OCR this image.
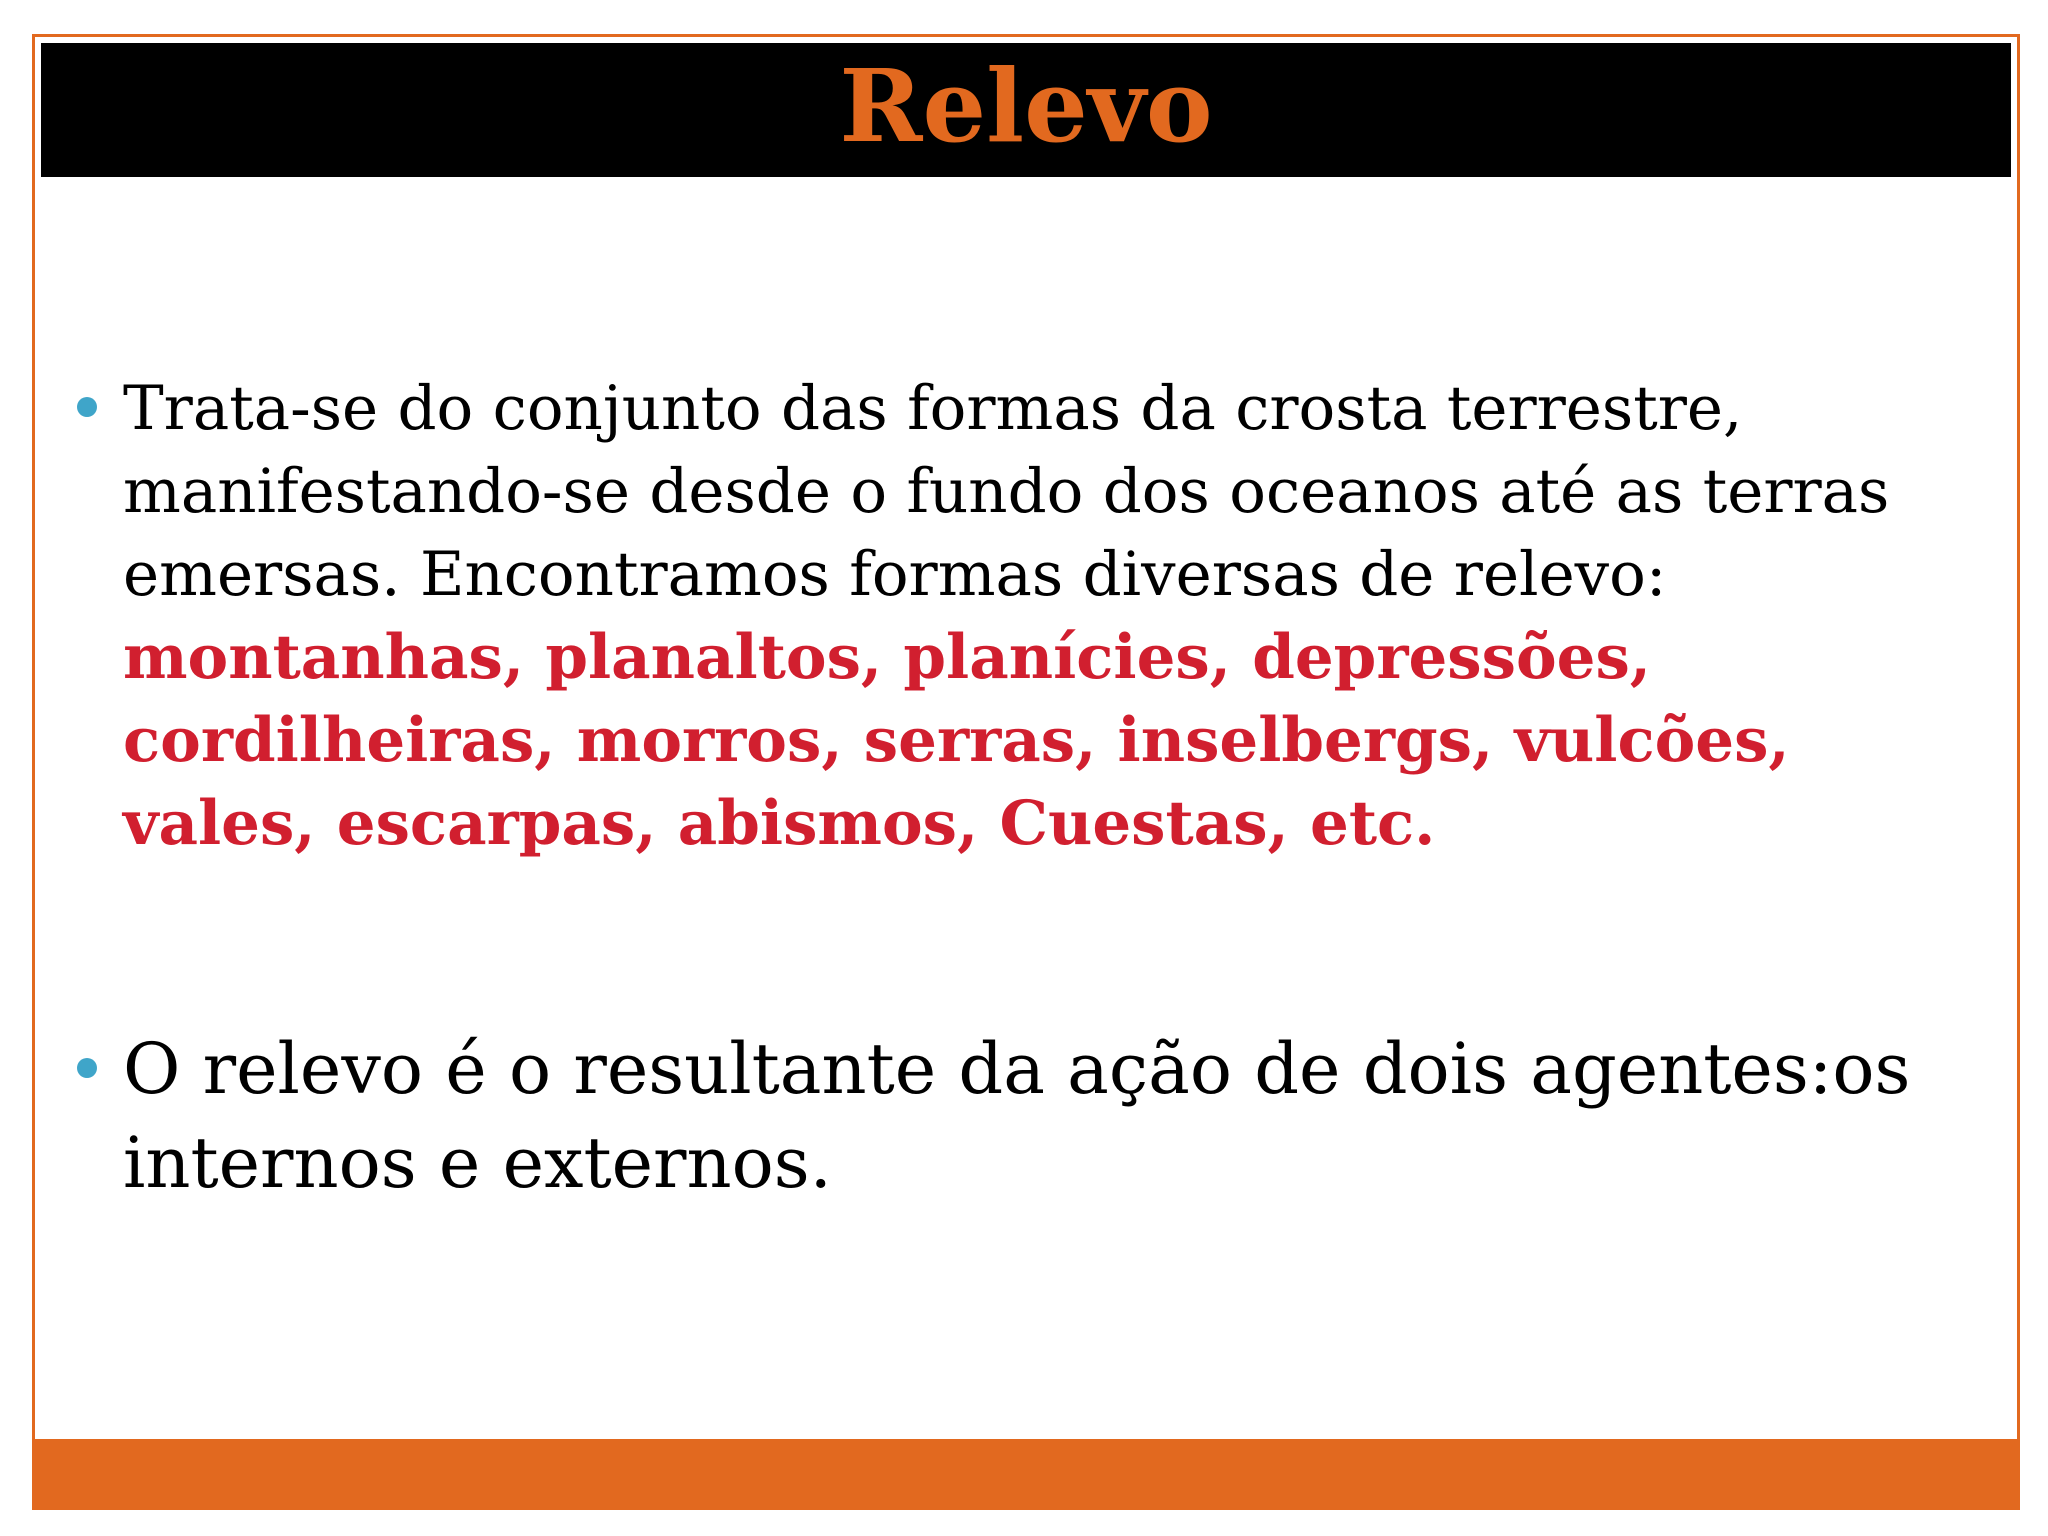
Relevo
Trata-se do conjunto das formas da crosta terrestre, manifestando-se desde o fundo dos oceanos até as terras emersas. Encontramos formas diversas de relevo: montanhas, planaltos, planícies, depressões, cordilheiras, morros, serras, inselbergs, vulcões, vales, escarpas, abismos, Cuestas, etc.
O relevo é o resultante da ação de dois agentes:os internos e externos.
